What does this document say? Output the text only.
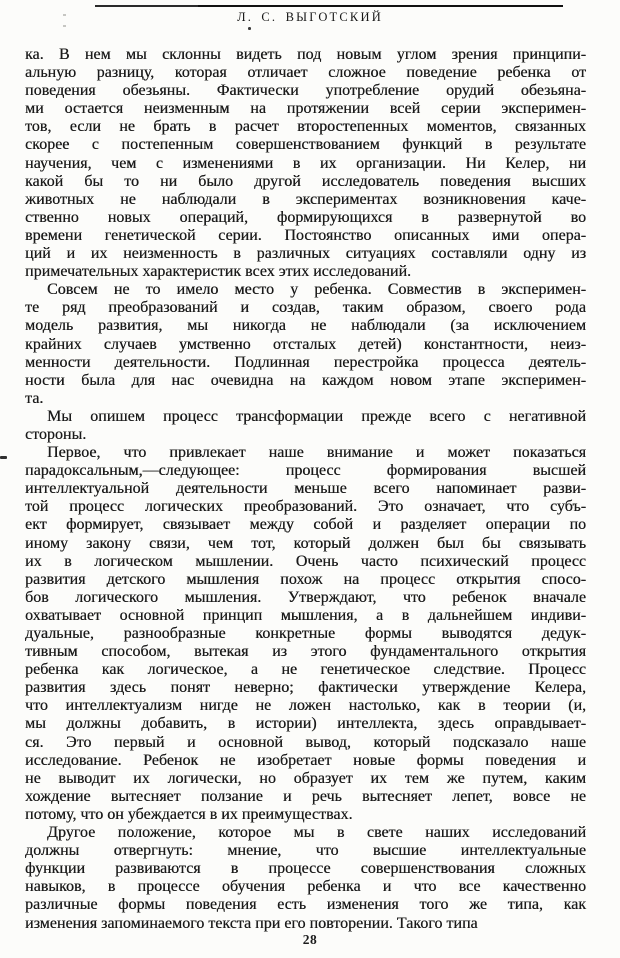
Л. С. ВЫГОТСКИЙ
ка. В нем мы склонны видеть под новым углом зрения принципи-
альную разницу, которая отличает сложное поведение ребенка от
поведения обезьяны. Фактически употребление орудий обезьяна-
ми остается неизменным на протяжении всей серии эксперимен-
тов, если не брать в расчет второстепенных моментов, связанных
скорее с постепенным совершенствованием функций в результате
научения, чем с изменениями в их организации. Ни Келер, ни
какой бы то ни было другой исследователь поведения высших
животных не наблюдали в экспериментах возникновения каче-
ственно новых операций, формирующихся в развернутой во
времени генетической серии. Постоянство описанных ими опера-
ций и их неизменность в различных ситуациях составляли одну из
примечательных характеристик всех этих исследований.
Совсем не то имело место у ребенка. Совместив в эксперимен-
те ряд преобразований и создав, таким образом, своего рода
модель развития, мы никогда не наблюдали (за исключением
крайних случаев умственно отсталых детей) константности, неиз-
менности деятельности. Подлинная перестройка процесса деятель-
ности была для нас очевидна на каждом новом этапе эксперимен-
та.
Мы опишем процесс трансформации прежде всего с негативной
стороны.
Первое, что привлекает наше внимание и может показаться
парадоксальным,—следующее: процесс формирования высшей
интеллектуальной деятельности меньше всего напоминает разви-
той процесс логических преобразований. Это означает, что субъ-
ект формирует, связывает между собой и разделяет операции по
иному закону связи, чем тот, который должен был бы связывать
их в логическом мышлении. Очень часто психический процесс
развития детского мышления похож на процесс открытия спосо-
бов логического мышления. Утверждают, что ребенок вначале
охватывает основной принцип мышления, а в дальнейшем индиви-
дуальные, разнообразные конкретные формы выводятся дедук-
тивным способом, вытекая из этого фундаментального открытия
ребенка как логическое, а не генетическое следствие. Процесс
развития здесь понят неверно; фактически утверждение Келера,
что интеллектуализм нигде не ложен настолько, как в теории (и,
мы должны добавить, в истории) интеллекта, здесь оправдывает-
ся. Это первый и основной вывод, который подсказало наше
исследование. Ребенок не изобретает новые формы поведения и
не выводит их логически, но образует их тем же путем, каким
хождение вытесняет ползание и речь вытесняет лепет, вовсе не
потому, что он убеждается в их преимуществах.
Другое положение, которое мы в свете наших исследований
должны отвергнуть: мнение, что высшие интеллектуальные
функции развиваются в процессе совершенствования сложных
навыков, в процессе обучения ребенка и что все качественно
различные формы поведения есть изменения того же типа, как
изменения запоминаемого текста при его повторении. Такого типа
28
